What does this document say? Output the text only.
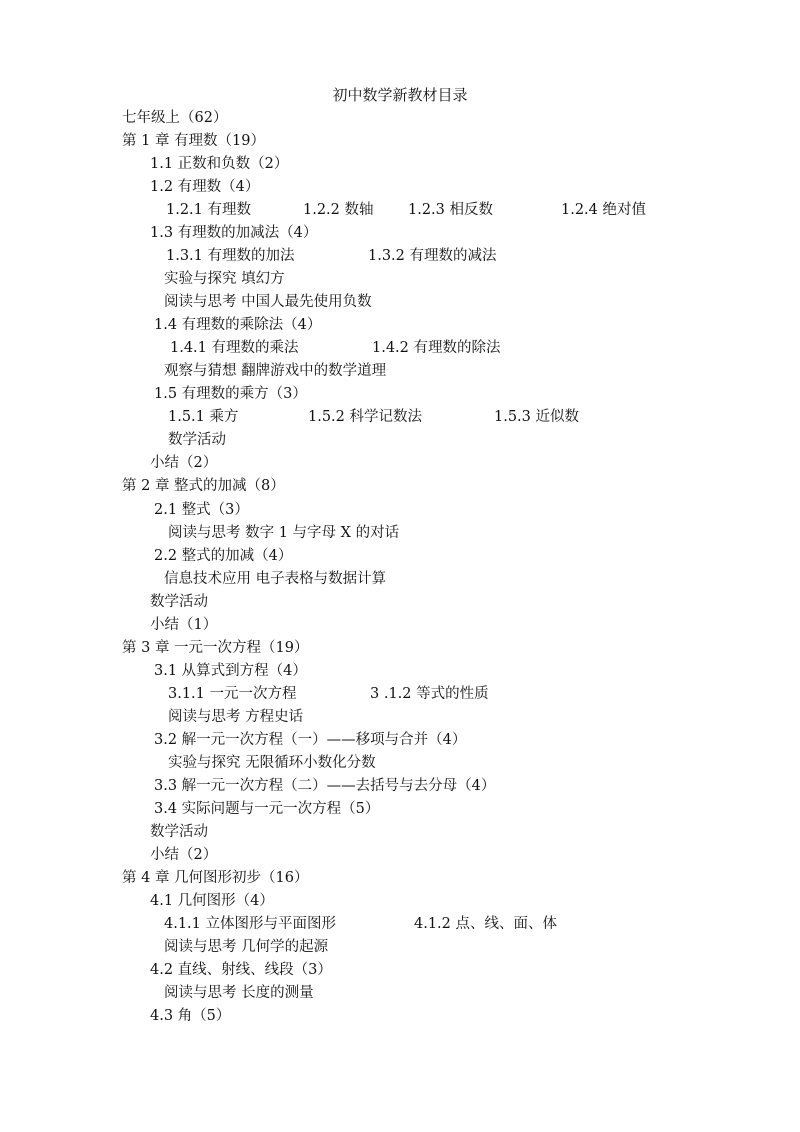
初中数学新教材目录
七年级上（62）
第 1 章 有理数（19）
1.1 正数和负数（2）
1.2 有理数（4）
1.2.1 有理数	1.2.2 数轴 1.2.3 相反数	1.2.4 绝对值
1.3 有理数的加减法（4）
1.3.1 有理数的加法	1.3.2 有理数的减法
实验与探究 填幻方
阅读与思考 中国人最先使用负数
1.4 有理数的乘除法（4）
1.4.1 有理数的乘法	1.4.2 有理数的除法
观察与猜想 翻牌游戏中的数学道理
1.5 有理数的乘方（3）
1.5.1 乘方	1.5.2 科学记数法	1.5.3 近似数
数学活动
小结（2）
第 2 章 整式的加减（8）
2.1 整式（3）
阅读与思考 数字 1 与字母 X 的对话
2.2 整式的加减（4）
信息技术应用 电子表格与数据计算
数学活动
小结（1）
第 3 章 一元一次方程（19）
3.1 从算式到方程（4）
3.1.1 一元一次方程	3 .1.2 等式的性质
阅读与思考 方程史话
3.2 解一元一次方程（一）——移项与合并（4）
实验与探究 无限循环小数化分数
3.3 解一元一次方程（二）——去括号与去分母（4）
3.4 实际问题与一元一次方程（5）
数学活动
小结（2）
第 4 章 几何图形初步（16）
4.1 几何图形（4）
4.1.1 立体图形与平面图形	4.1.2 点、线、面、体
阅读与思考 几何学的起源
4.2 直线、射线、线段（3）
阅读与思考 长度的测量
4.3 角（5）
